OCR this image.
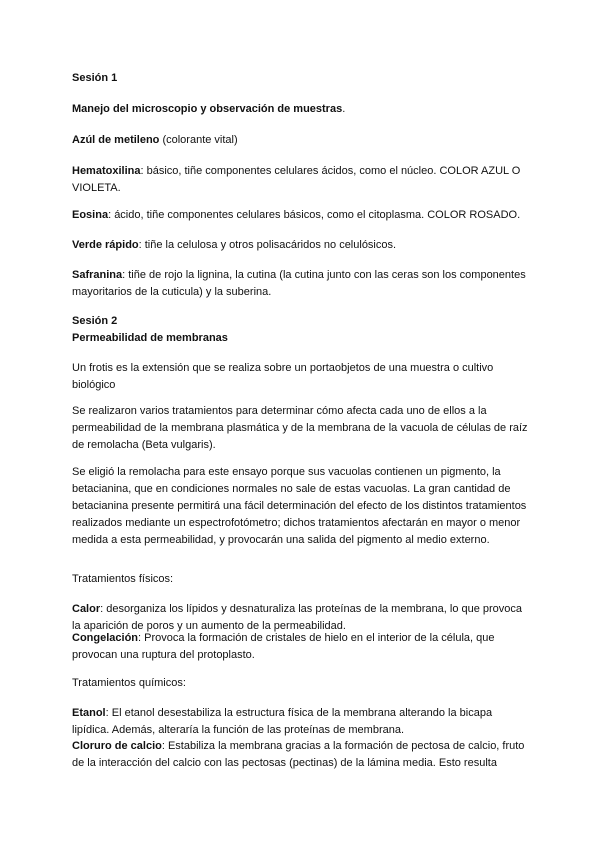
Sesión 1

Manejo del microscopio y observación de muestras.

Azúl de metileno (colorante vital)

Hematoxilina: básico, tiñe componentes celulares ácidos, como el núcleo. COLOR AZUL O VIOLETA.

Eosina: ácido, tiñe componentes celulares básicos, como el citoplasma. COLOR ROSADO.

Verde rápido: tiñe la celulosa y otros polisacáridos no celulósicos.

Safranina: tiñe de rojo la lignina, la cutina (la cutina junto con las ceras son los componentes mayoritarios de la cuticula) y la suberina.

Sesión 2

Permeabilidad de membranas

Un frotis es la extensión que se realiza sobre un portaobjetos de una muestra o cultivo biológico

Se realizaron varios tratamientos para determinar cómo afecta cada uno de ellos a la permeabilidad de la membrana plasmática y de la membrana de la vacuola de células de raíz de remolacha (Beta vulgaris).

Se eligió la remolacha para este ensayo porque sus vacuolas contienen un pigmento, la betacianina, que en condiciones normales no sale de estas vacuolas. La gran cantidad de betacianina presente permitirá una fácil determinación del efecto de los distintos tratamientos realizados mediante un espectrofotómetro; dichos tratamientos afectarán en mayor o menor medida a esta permeabilidad, y provocarán una salida del pigmento al medio externo.

Tratamientos físicos:

Calor: desorganiza los lípidos y desnaturaliza las proteínas de la membrana, lo que provoca la aparición de poros y un aumento de la permeabilidad.

Congelación: Provoca la formación de cristales de hielo en el interior de la célula, que provocan una ruptura del protoplasto.

Tratamientos químicos:

Etanol: El etanol desestabiliza la estructura física de la membrana alterando la bicapa lipídica. Además, alteraría la función de las proteínas de membrana.

Cloruro de calcio: Estabiliza la membrana gracias a la formación de pectosa de calcio, fruto de la interacción del calcio con las pectosas (pectinas) de la lámina media. Esto resulta
